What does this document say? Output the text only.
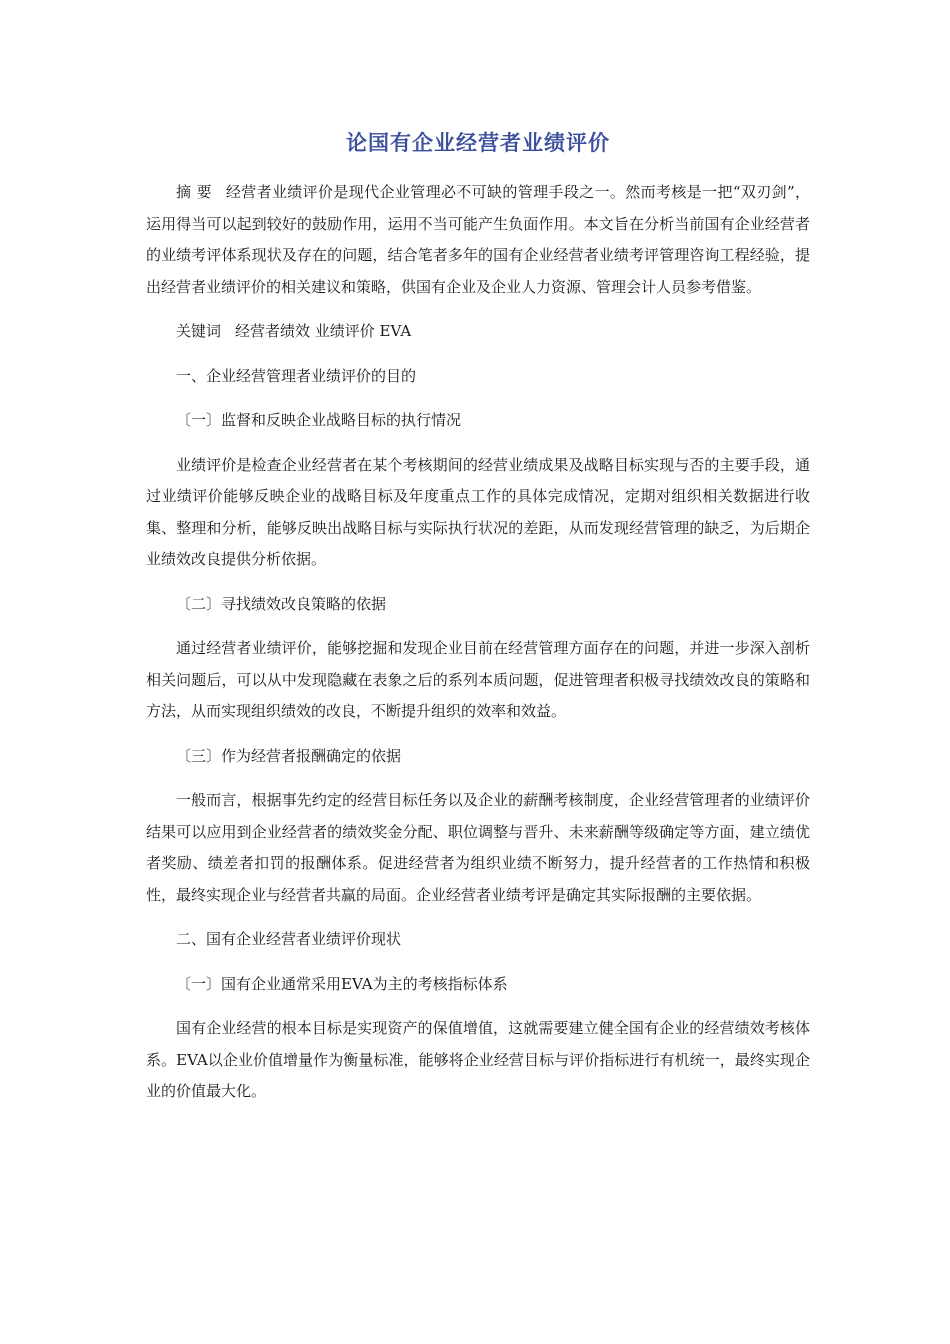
论国有企业经营者业绩评价

摘 要 经营者业绩评价是现代企业管理必不可缺的管理手段之一。然而考核是一把“双刃剑”，运用得当可以起到较好的鼓励作用，运用不当可能产生负面作用。本文旨在分析当前国有企业经营者的业绩考评体系现状及存在的问题，结合笔者多年的国有企业经营者业绩考评管理咨询工程经验，提出经营者业绩评价的相关建议和策略，供国有企业及企业人力资源、管理会计人员参考借鉴。

关键词 经营者绩效 业绩评价 EVA

一、企业经营管理者业绩评价的目的

〔一〕监督和反映企业战略目标的执行情况

业绩评价是检查企业经营者在某个考核期间的经营业绩成果及战略目标实现与否的主要手段，通过业绩评价能够反映企业的战略目标及年度重点工作的具体完成情况，定期对组织相关数据进行收集、整理和分析，能够反映出战略目标与实际执行状况的差距，从而发现经营管理的缺乏，为后期企业绩效改良提供分析依据。

〔二〕寻找绩效改良策略的依据

通过经营者业绩评价，能够挖掘和发现企业目前在经营管理方面存在的问题，并进一步深入剖析相关问题后，可以从中发现隐藏在表象之后的系列本质问题，促进管理者积极寻找绩效改良的策略和方法，从而实现组织绩效的改良，不断提升组织的效率和效益。

〔三〕作为经营者报酬确定的依据

一般而言，根据事先约定的经营目标任务以及企业的薪酬考核制度，企业经营管理者的业绩评价结果可以应用到企业经营者的绩效奖金分配、职位调整与晋升、未来薪酬等级确定等方面，建立绩优者奖励、绩差者扣罚的报酬体系。促进经营者为组织业绩不断努力，提升经营者的工作热情和积极性，最终实现企业与经营者共赢的局面。企业经营者业绩考评是确定其实际报酬的主要依据。

二、国有企业经营者业绩评价现状

〔一〕国有企业通常采用EVA为主的考核指标体系

国有企业经营的根本目标是实现资产的保值增值，这就需要建立健全国有企业的经营绩效考核体系。EVA以企业价值增量作为衡量标准，能够将企业经营目标与评价指标进行有机统一，最终实现企业的价值最大化。
